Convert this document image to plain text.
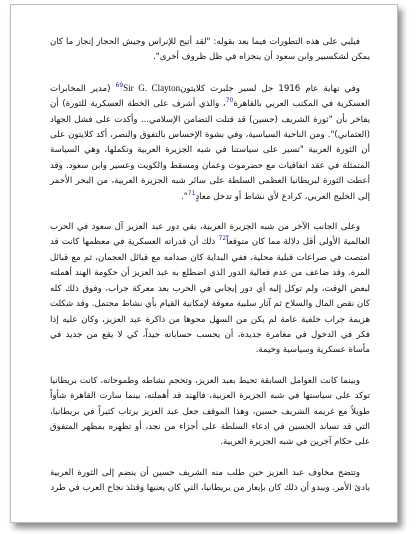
فيلبي على هذه التطورات فيما بعد بقوله: "لقد أتيح للإنراس وجيش الحجاز إنجاز ما كان يمكن لشكسبير وابن سعود أن ينجزاه في ظل ظروف أخرى".

وفي نهاية عام 1916 حل لسير جلبرت كلايتون$^{69}$Sir G. Clayton (مدير المخابرات العسكرية في المكتب العربي بالقاهرة$^{70}$، والذي أشرف على الخطة العسكرية للثورة) أن يفاخر بأن "ثورة الشريف (حسين) قد قتلت التضامن الإسلامي... وأكدت على فشل الجهاد (العثماني)". ومن الناحية السياسية، وفي نشوة الإحساس بالتفوق والنصر، أكد كلايتون على أن الثورة العربية "تسير على سياستنا في شبه الجزيرة العربية وتكملها، وهي السياسة المتمثلة في عقد اتفاقيات مع حضرموت وعمان ومسقط والكويت وعسير وابن سعود. وقد أعطت الثورة لبريطانيا العظمى السلطة على سائر شبه الجزيرة العربية، من البحر الأحمر إلى الخليج العربي، كرادع لأي نشاط أو تدخل معادٍ$^{71}$".

وعلى الجانب الآخر من شبه الجزيرة العربية، بقي دور عبد العزيز آل سعود في الحرب العالمية الأولى أقل دلالة مما كان متوقعاً$^{72}$ ذلك أن قدراته العسكرية في معظمها كانت قد امتصت في صراعات قبلية محلية، ففي البداية كان صدامه مع قبائل العجمان، ثم مع قبائل المرة. وقد ضاعف من عدم فعالية الدور الذي اضطلع به عبد العزيز أن حكومة الهند أهملته لبعض الوقت، ولم توكل إليه أي دور إيجابي في الحرب بعد معركة جراب، وفوق ذلك كله كان نقص المال والسلاح ثم آثار سلبية معوقة لإمكانية القيام بأي نشاط محتمل. وقد شكلت هزيمة جراب خلفية عامة لم يكن من السهل محوها من ذاكرة عبد العزيز، وكان عليه إذا فكر في الدخول في مغامرة جديدة، أن يحسب حساباته جيداً، كي لا يقع من جديد في مأساة عسكرية وسياسية وخيمة.

وبينما كانت العوامل السابقة تحيط بعبد العزيز، وتحجم نشاطه وطموحاته، كانت بريطانيا توكد على سياستها في شبه الجزيرة العربية، فالهند قد أهملته، بينما سارت القاهرة شأواً طويلاً مع غريمه الشريف حسين، وهذا الموقف جعل عبد العزيز يرتاب كثيراً في بريطانيا، التي قد تساند الحسين في ادعاء السلطة على أجزاء من نجد، أو تظهره بمظهر المتفوق على حكام آخرين في شبه الجزيرة العربية.

وتتضح مخاوف عبد العزيز حين طلب منه الشريف حسين أن ينضم إلى الثورة العربية بادئ الأمر. ويبدو أن ذلك كان بإيعاز من بريطانيا، التي كان يعنيها وقتئذ نجاح العرب في طرد
